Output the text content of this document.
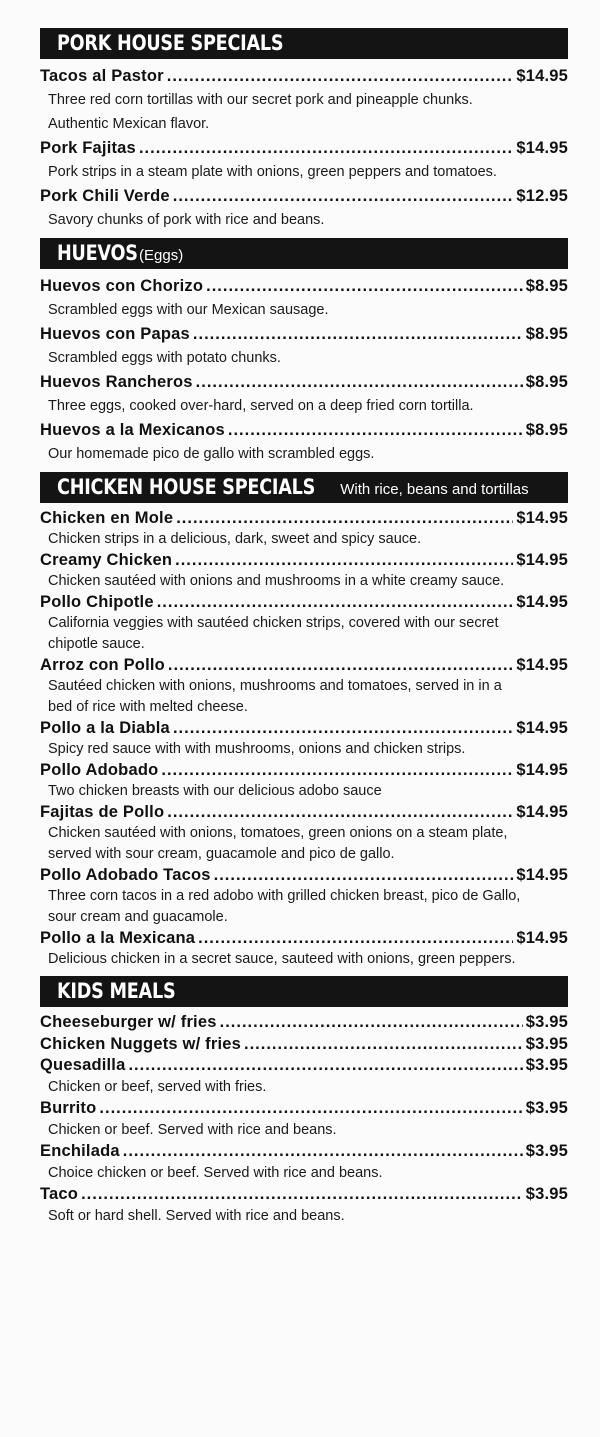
PORK HOUSE SPECIALS
Tacos al Pastor .....	$14.95
Three red corn tortillas with our secret pork and pineapple chunks. Authentic Mexican flavor.
Pork Fajitas .....	$14.95
Pork strips in a steam plate with onions, green peppers and tomatoes.
Pork Chili Verde .....	$12.95
Savory chunks of pork with rice and beans.
HUEVOS (Eggs)
Huevos con Chorizo .....	$8.95
Scrambled eggs with our Mexican sausage.
Huevos con Papas .....	$8.95
Scrambled eggs with potato chunks.
Huevos Rancheros .....	$8.95
Three eggs, cooked over-hard, served on a deep fried corn tortilla.
Huevos a la Mexicanos .....	$8.95
Our homemade pico de gallo with scrambled eggs.
CHICKEN HOUSE SPECIALS With rice, beans and tortillas
Chicken en Mole .....	$14.95
Chicken strips in a delicious, dark, sweet and spicy sauce.
Creamy Chicken .....	$14.95
Chicken sautéed with onions and mushrooms in a white creamy sauce.
Pollo Chipotle .....	$14.95
California veggies with sautéed chicken strips, covered with our secret chipotle sauce.
Arroz con Pollo .....	$14.95
Sautéed chicken with onions, mushrooms and tomatoes, served in in a bed of rice with melted cheese.
Pollo a la Diabla .....	$14.95
Spicy red sauce with with mushrooms, onions and chicken strips.
Pollo Adobado .....	$14.95
Two chicken breasts with our delicious adobo sauce
Fajitas de Pollo .....	$14.95
Chicken sautéed with onions, tomatoes, green onions on a steam plate, served with sour cream, guacamole and pico de gallo.
Pollo Adobado Tacos .....	$14.95
Three corn tacos in a red adobo with grilled chicken breast, pico de Gallo, sour cream and guacamole.
Pollo a la Mexicana .....	$14.95
Delicious chicken in a secret sauce, sauteed with onions, green peppers.
KIDS MEALS
Cheeseburger w/ fries .....	$3.95
Chicken Nuggets w/ fries .....	$3.95
Quesadilla .....	$3.95
Chicken or beef, served with fries.
Burrito .....	$3.95
Chicken or beef. Served with rice and beans.
Enchilada .....	$3.95
Choice chicken or beef. Served with rice and beans.
Taco .....	$3.95
Soft or hard shell. Served with rice and beans.
